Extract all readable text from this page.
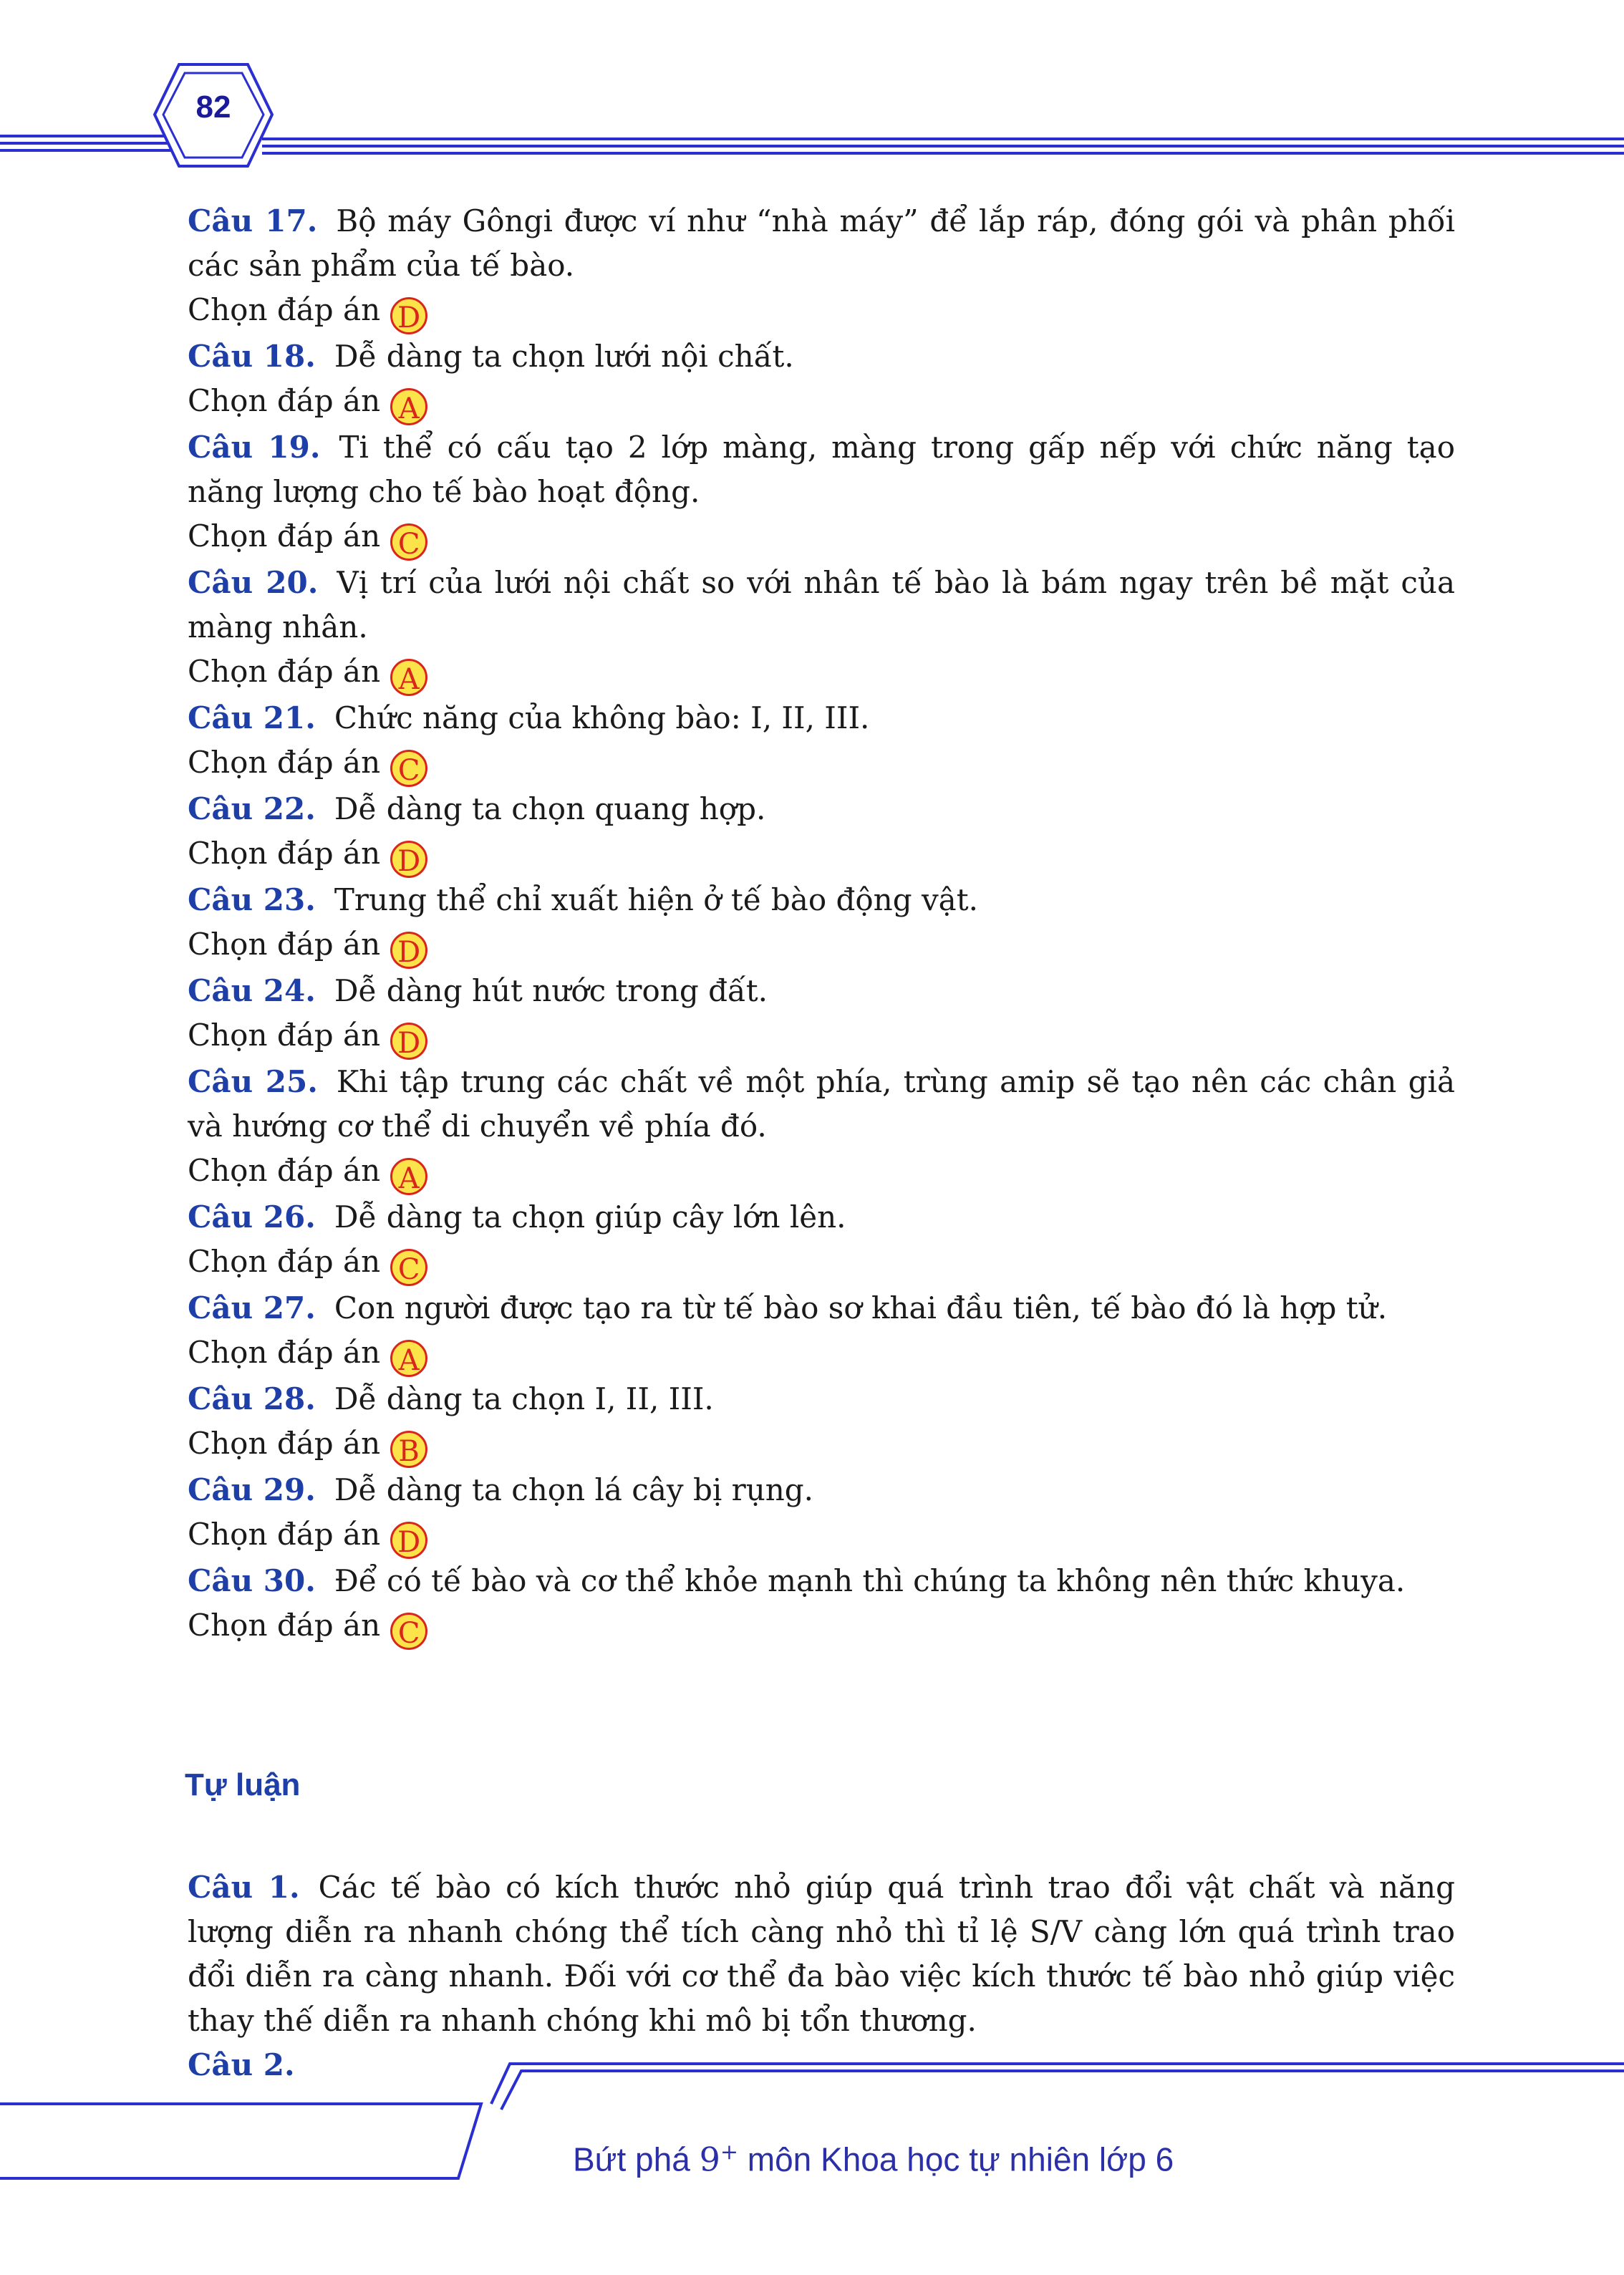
82

Câu 17. Bộ máy Gôngi được ví như “nhà máy” để lắp ráp, đóng gói và phân phối các sản phẩm của tế bào.

Chọn đáp án D

Câu 18. Dễ dàng ta chọn lưới nội chất.

Chọn đáp án A

Câu 19. Ti thể có cấu tạo 2 lớp màng, màng trong gấp nếp với chức năng tạo năng lượng cho tế bào hoạt động.

Chọn đáp án C

Câu 20. Vị trí của lưới nội chất so với nhân tế bào là bám ngay trên bề mặt của màng nhân.

Chọn đáp án A

Câu 21. Chức năng của không bào: I, II, III.

Chọn đáp án C

Câu 22. Dễ dàng ta chọn quang hợp.

Chọn đáp án D

Câu 23. Trung thể chỉ xuất hiện ở tế bào động vật.

Chọn đáp án D

Câu 24. Dễ dàng hút nước trong đất.

Chọn đáp án D

Câu 25. Khi tập trung các chất về một phía, trùng amip sẽ tạo nên các chân giả và hướng cơ thể di chuyển về phía đó.

Chọn đáp án A

Câu 26. Dễ dàng ta chọn giúp cây lớn lên.

Chọn đáp án C

Câu 27. Con người được tạo ra từ tế bào sơ khai đầu tiên, tế bào đó là hợp tử.

Chọn đáp án A

Câu 28. Dễ dàng ta chọn I, II, III.

Chọn đáp án B

Câu 29. Dễ dàng ta chọn lá cây bị rụng.

Chọn đáp án D

Câu 30. Để có tế bào và cơ thể khỏe mạnh thì chúng ta không nên thức khuya.

Chọn đáp án C

Tự luận

Câu 1. Các tế bào có kích thước nhỏ giúp quá trình trao đổi vật chất và năng lượng diễn ra nhanh chóng thể tích càng nhỏ thì tỉ lệ S/V càng lớn quá trình trao đổi diễn ra càng nhanh. Đối với cơ thể đa bào việc kích thước tế bào nhỏ giúp việc thay thế diễn ra nhanh chóng khi mô bị tổn thương.

Câu 2.

Bứt phá 9+ môn Khoa học tự nhiên lớp 6
